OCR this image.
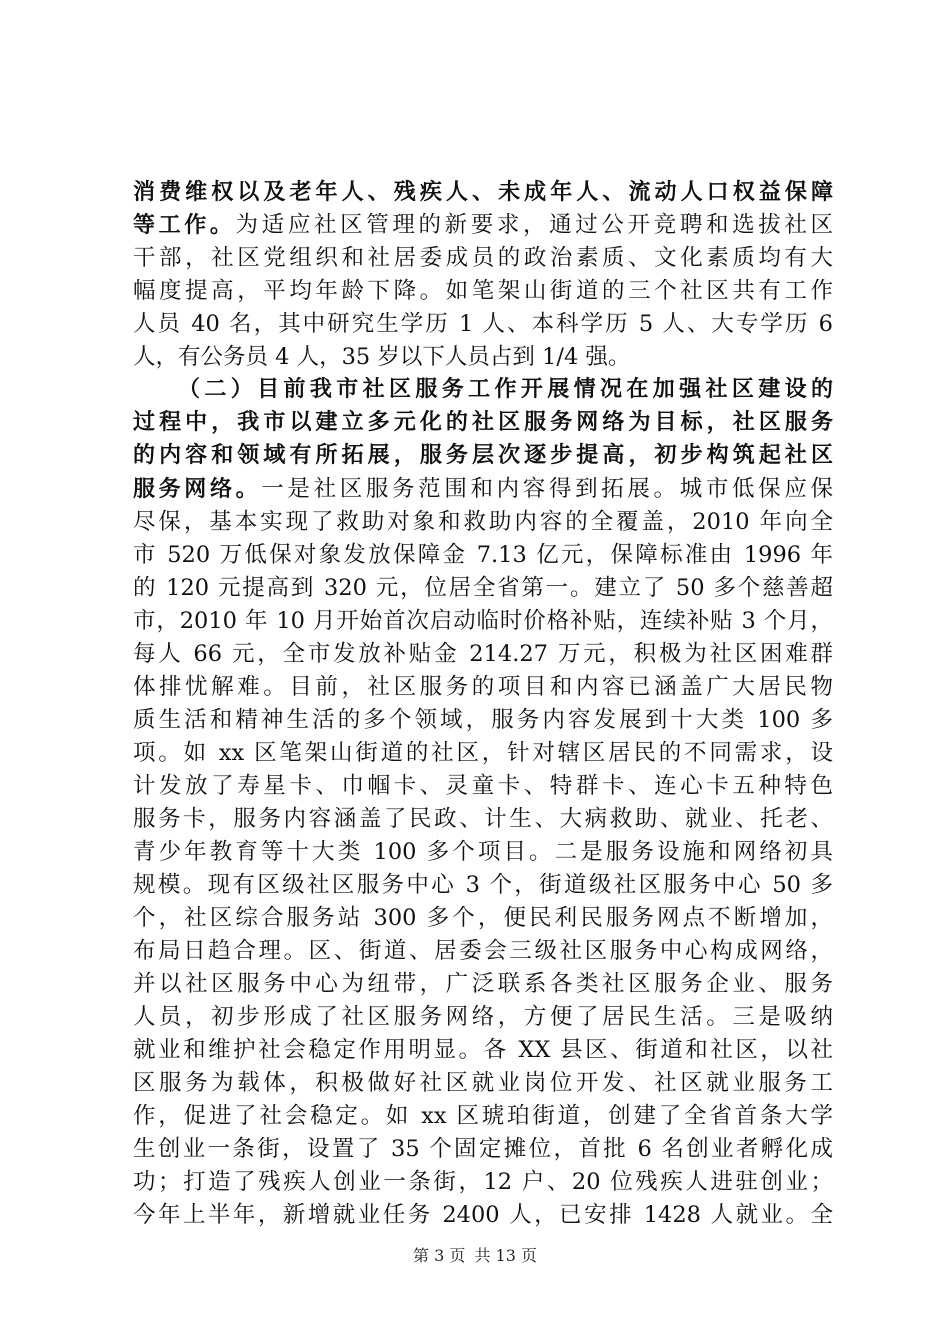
消费维权以及老年人、残疾人、未成年人、流动人口权益保障
等工作。为适应社区管理的新要求，通过公开竞聘和选拔社区
干部，社区党组织和社居委成员的政治素质、文化素质均有大
幅度提高，平均年龄下降。如笔架山街道的三个社区共有工作
人员 40 名，其中研究生学历 1 人、本科学历 5 人、大专学历 6
人，有公务员 4 人，35 岁以下人员占到 1/4 强。
（二）目前我市社区服务工作开展情况在加强社区建设的
过程中，我市以建立多元化的社区服务网络为目标，社区服务
的内容和领域有所拓展，服务层次逐步提高，初步构筑起社区
服务网络。一是社区服务范围和内容得到拓展。城市低保应保
尽保，基本实现了救助对象和救助内容的全覆盖，2010 年向全
市 520 万低保对象发放保障金 7.13 亿元，保障标准由 1996 年
的 120 元提高到 320 元，位居全省第一。建立了 50 多个慈善超
市，2010 年 10 月开始首次启动临时价格补贴，连续补贴 3 个月，
每人 66 元，全市发放补贴金 214.27 万元，积极为社区困难群
体排忧解难。目前，社区服务的项目和内容已涵盖广大居民物
质生活和精神生活的多个领域，服务内容发展到十大类 100 多
项。如 xx 区笔架山街道的社区，针对辖区居民的不同需求，设
计发放了寿星卡、巾帼卡、灵童卡、特群卡、连心卡五种特色
服务卡，服务内容涵盖了民政、计生、大病救助、就业、托老、
青少年教育等十大类 100 多个项目。二是服务设施和网络初具
规模。现有区级社区服务中心 3 个，街道级社区服务中心 50 多
个，社区综合服务站 300 多个，便民利民服务网点不断增加，
布局日趋合理。区、街道、居委会三级社区服务中心构成网络，
并以社区服务中心为纽带，广泛联系各类社区服务企业、服务
人员，初步形成了社区服务网络，方便了居民生活。三是吸纳
就业和维护社会稳定作用明显。各 XX 县区、街道和社区，以社
区服务为载体，积极做好社区就业岗位开发、社区就业服务工
作，促进了社会稳定。如 xx 区琥珀街道，创建了全省首条大学
生创业一条街，设置了 35 个固定摊位，首批 6 名创业者孵化成
功；打造了残疾人创业一条街，12 户、20 位残疾人进驻创业；
今年上半年，新增就业任务 2400 人，已安排 1428 人就业。全
第 3 页 共 13 页
